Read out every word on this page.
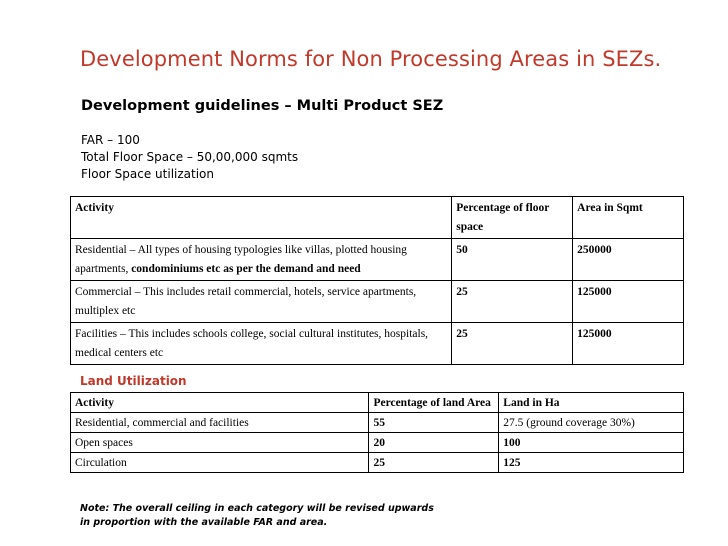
Development Norms for Non Processing Areas in SEZs.
Development guidelines – Multi Product SEZ
FAR – 100
Total Floor Space – 50,00,000 sqmts
Floor Space utilization
Activity	Percentage of floor space	Area in Sqmt
Residential – All types of housing typologies like villas, plotted housing apartments, condominiums etc as per the demand and need	50	250000
Commercial – This includes retail commercial, hotels, service apartments, multiplex etc	25	125000
Facilities – This includes schools college, social cultural institutes, hospitals, medical centers etc	25	125000
Land Utilization
Activity	Percentage of land Area	Land in Ha
Residential, commercial and facilities	55	27.5 (ground coverage 30%)
Open spaces	20	100
Circulation	25	125
Note: The overall ceiling in each category will be revised upwards in proportion with the available FAR and area.
